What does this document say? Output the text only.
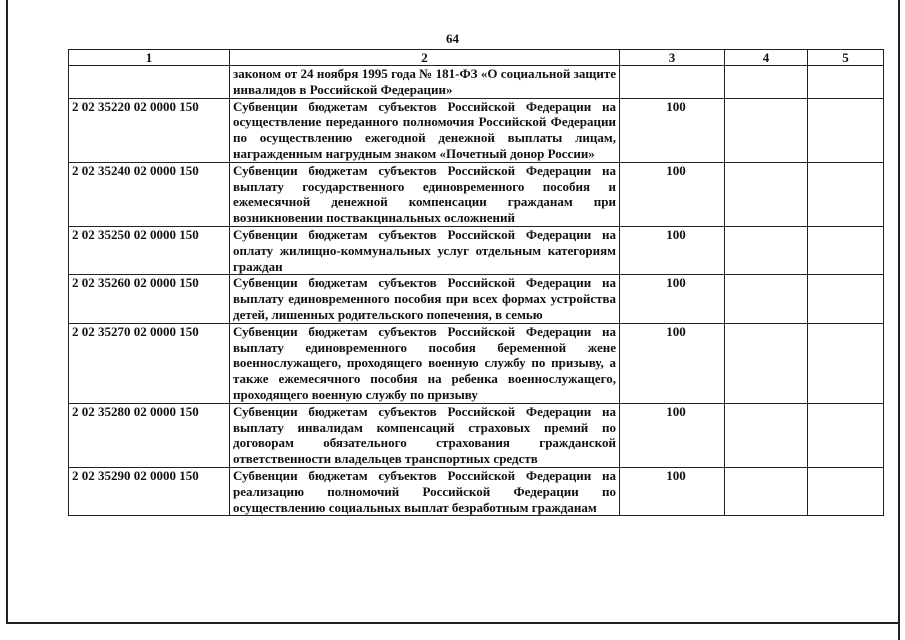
64
1	2	3	4	5
	законом от 24 ноября 1995 года № 181-ФЗ «О социальной защите инвалидов в Российской Федерации»	

2 02 35220 02 0000 150	Субвенции бюджетам субъектов Российской Федерации на осуществление переданного полномочия Российской Федерации по осуществлению ежегодной денежной выплаты лицам, награжденным нагрудным знаком «Почетный донор России»	100		

2 02 35240 02 0000 150	Субвенции бюджетам субъектов Российской Федерации на выплату государственного единовременного пособия и ежемесячной денежной компенсации гражданам при возникновении поствакцинальных осложнений	100		

2 02 35250 02 0000 150	Субвенции бюджетам субъектов Российской Федерации на оплату жилищно-коммунальных услуг отдельным категориям граждан	100		

2 02 35260 02 0000 150	Субвенции бюджетам субъектов Российской Федерации на выплату единовременного пособия при всех формах устройства детей, лишенных родительского попечения, в семью	100		

2 02 35270 02 0000 150	Субвенции бюджетам субъектов Российской Федерации на выплату единовременного пособия беременной жене военнослужащего, проходящего военную службу по призыву, а также ежемесячного пособия на ребенка военнослужащего, проходящего военную службу по призыву	100		

2 02 35280 02 0000 150	Субвенции бюджетам субъектов Российской Федерации на выплату инвалидам компенсаций страховых премий по договорам обязательного страхования гражданской ответственности владельцев транспортных средств	100		

2 02 35290 02 0000 150	Субвенции бюджетам субъектов Российской Федерации на реализацию полномочий Российской Федерации по осуществлению социальных выплат безработным гражданам	100		
